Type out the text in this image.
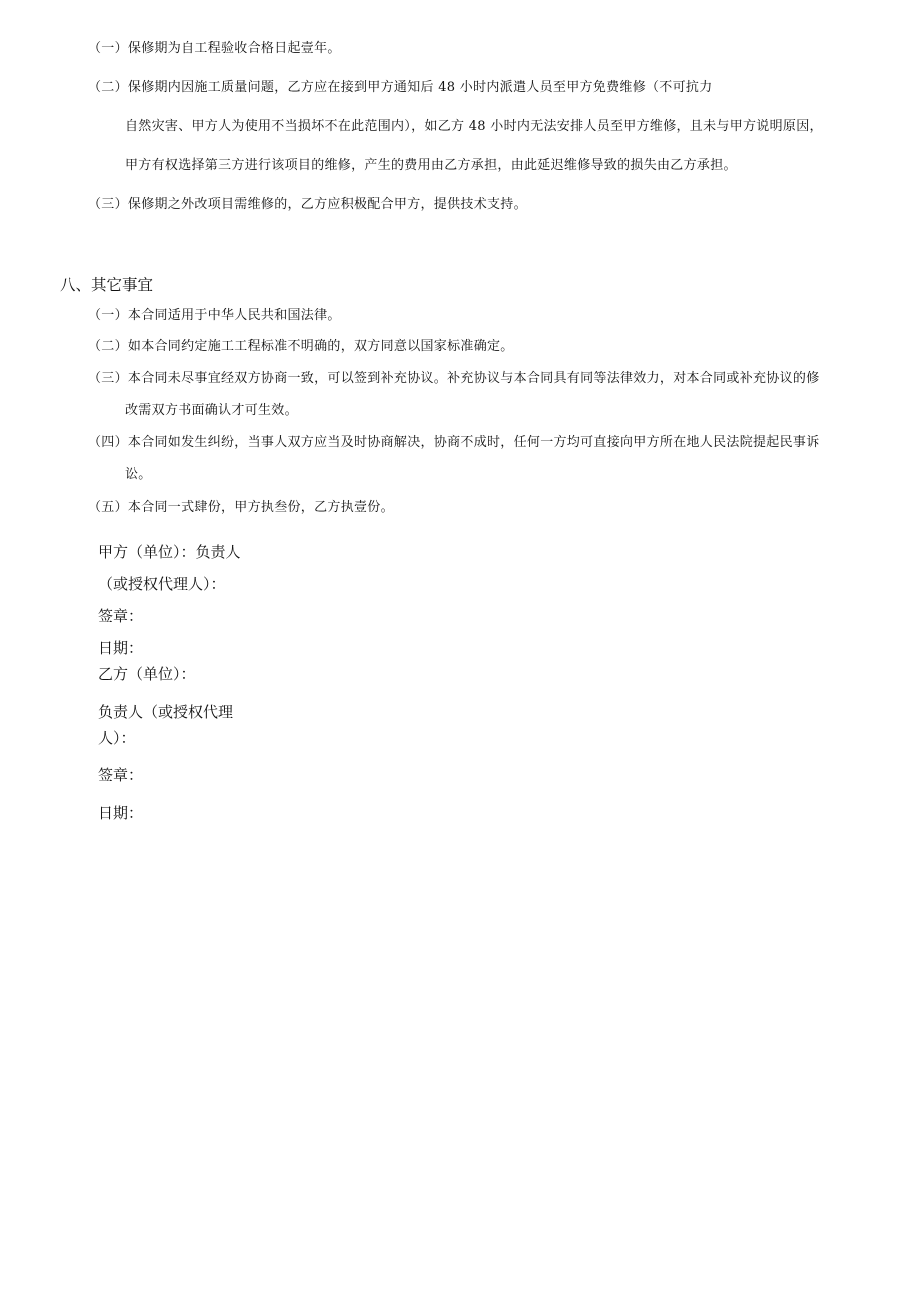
（一）保修期为自工程验收合格日起壹年。
（二）保修期内因施工质量问题，乙方应在接到甲方通知后 48 小时内派遣人员至甲方免费维修（不可抗力
自然灾害、甲方人为使用不当损坏不在此范围内），如乙方 48 小时内无法安排人员至甲方维修，且未与甲方说明原因，
甲方有权选择第三方进行该项目的维修，产生的费用由乙方承担，由此延迟维修导致的损失由乙方承担。
（三）保修期之外改项目需维修的，乙方应积极配合甲方，提供技术支持。
八、其它事宜
（一）本合同适用于中华人民共和国法律。
（二）如本合同约定施工工程标准不明确的，双方同意以国家标准确定。
（三）本合同未尽事宜经双方协商一致，可以签到补充协议。补充协议与本合同具有同等法律效力，对本合同或补充协议的修
改需双方书面确认才可生效。
（四）本合同如发生纠纷，当事人双方应当及时协商解决，协商不成时，任何一方均可直接向甲方所在地人民法院提起民事诉
讼。
（五）本合同一式肆份，甲方执叁份，乙方执壹份。
甲方（单位）：负责人
（或授权代理人）：
签章：
日期：
乙方（单位）：
负责人（或授权代理
人）：
签章：
日期：
